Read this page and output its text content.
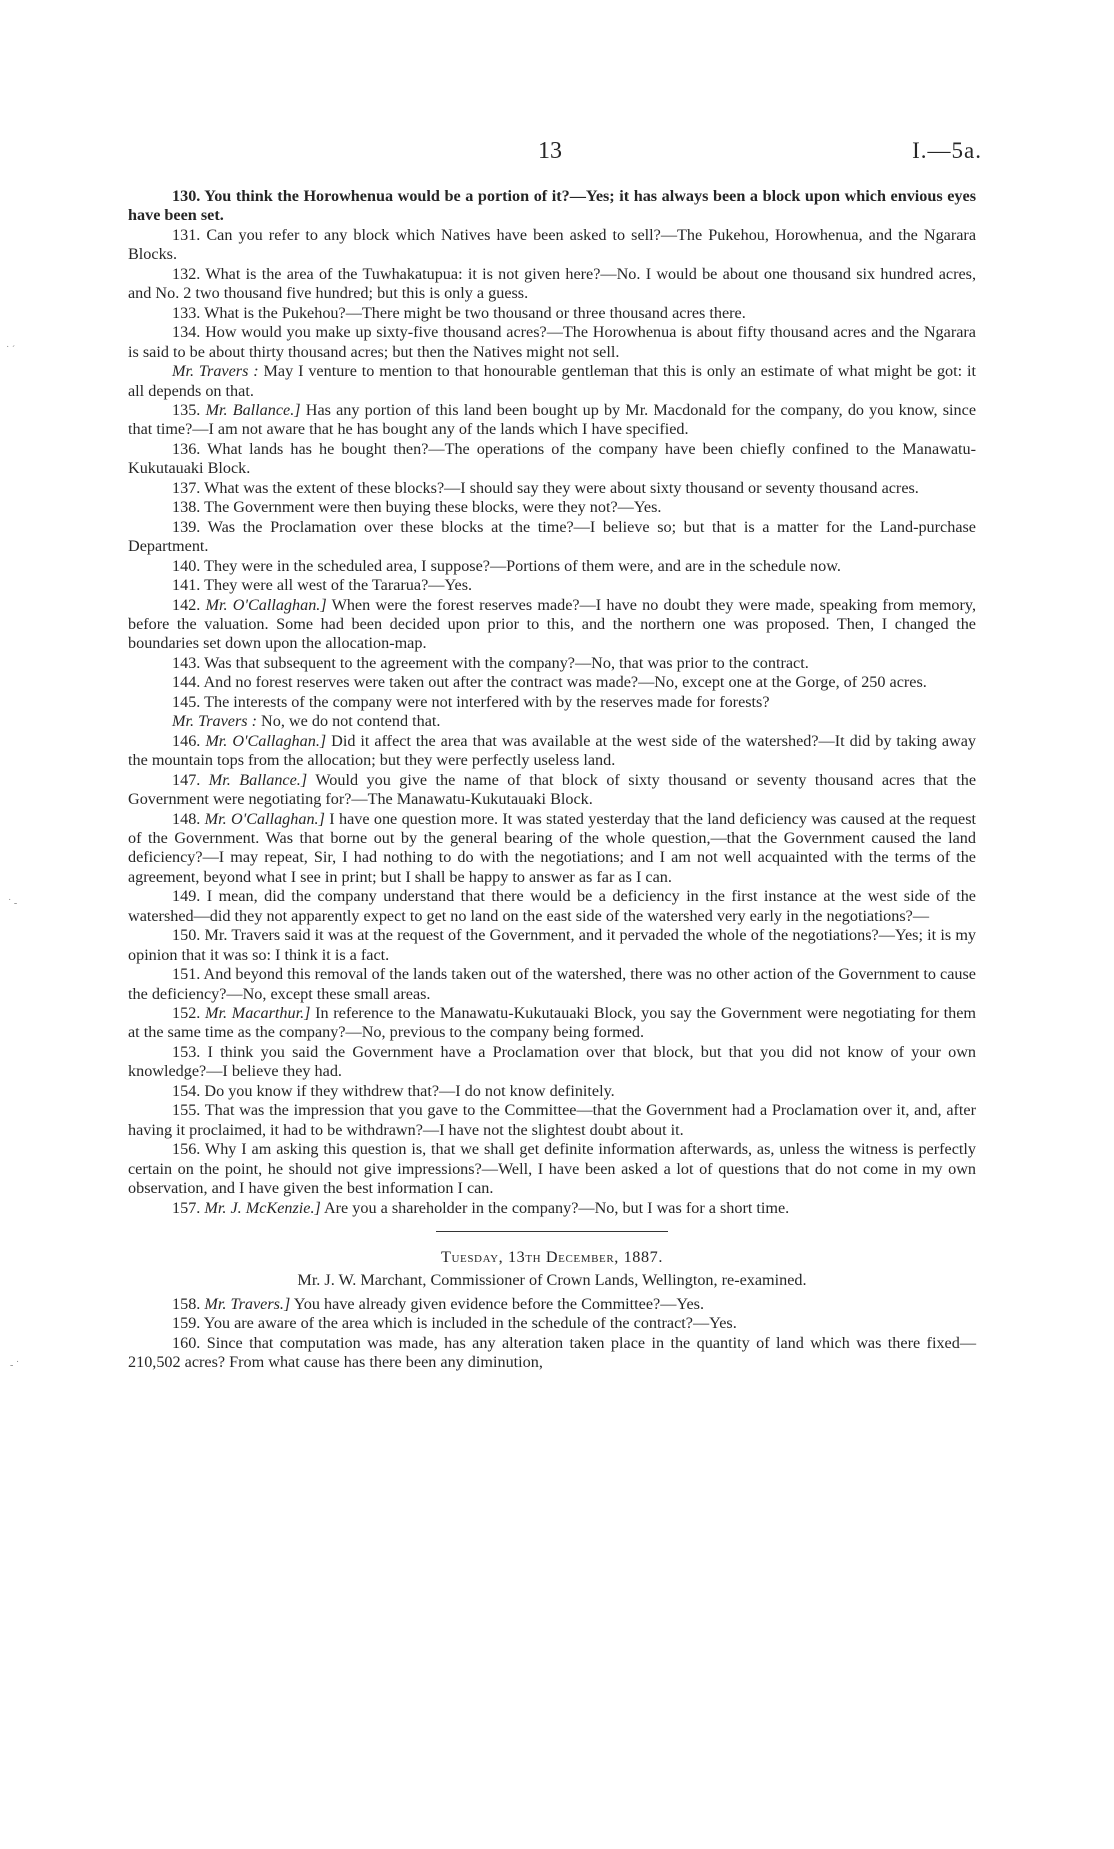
13	I.—5a.
˙ ˊ
˙ ‐
‐ ˙

130. You think the Horowhenua would be a portion of it?—Yes; it has always been a block upon which envious eyes have been set.

131. Can you refer to any block which Natives have been asked to sell?—The Pukehou, Horowhenua, and the Ngarara Blocks.

132. What is the area of the Tuwhakatupua: it is not given here?—No. I would be about one thousand six hundred acres, and No. 2 two thousand five hundred; but this is only a guess.

133. What is the Pukehou?—There might be two thousand or three thousand acres there.

134. How would you make up sixty-five thousand acres?—The Horowhenua is about fifty thousand acres and the Ngarara is said to be about thirty thousand acres; but then the Natives might not sell.

Mr. Travers : May I venture to mention to that honourable gentleman that this is only an estimate of what might be got: it all depends on that.

135. Mr. Ballance.] Has any portion of this land been bought up by Mr. Macdonald for the company, do you know, since that time?—I am not aware that he has bought any of the lands which I have specified.

136. What lands has he bought then?—The operations of the company have been chiefly confined to the Manawatu-Kukutauaki Block.

137. What was the extent of these blocks?—I should say they were about sixty thousand or seventy thousand acres.

138. The Government were then buying these blocks, were they not?—Yes.

139. Was the Proclamation over these blocks at the time?—I believe so; but that is a matter for the Land-purchase Department.

140. They were in the scheduled area, I suppose?—Portions of them were, and are in the schedule now.

141. They were all west of the Tararua?—Yes.

142. Mr. O'Callaghan.] When were the forest reserves made?—I have no doubt they were made, speaking from memory, before the valuation. Some had been decided upon prior to this, and the northern one was proposed. Then, I changed the boundaries set down upon the allocation-map.

143. Was that subsequent to the agreement with the company?—No, that was prior to the contract.

144. And no forest reserves were taken out after the contract was made?—No, except one at the Gorge, of 250 acres.

145. The interests of the company were not interfered with by the reserves made for forests?

Mr. Travers : No, we do not contend that.

146. Mr. O'Callaghan.] Did it affect the area that was available at the west side of the watershed?—It did by taking away the mountain tops from the allocation; but they were perfectly useless land.

147. Mr. Ballance.] Would you give the name of that block of sixty thousand or seventy thousand acres that the Government were negotiating for?—The Manawatu-Kukutauaki Block.

148. Mr. O'Callaghan.] I have one question more. It was stated yesterday that the land deficiency was caused at the request of the Government. Was that borne out by the general bearing of the whole question,—that the Government caused the land deficiency?—I may repeat, Sir, I had nothing to do with the negotiations; and I am not well acquainted with the terms of the agreement, beyond what I see in print; but I shall be happy to answer as far as I can.

149. I mean, did the company understand that there would be a deficiency in the first instance at the west side of the watershed—did they not apparently expect to get no land on the east side of the watershed very early in the negotiations?—

150. Mr. Travers said it was at the request of the Government, and it pervaded the whole of the negotiations?—Yes; it is my opinion that it was so: I think it is a fact.

151. And beyond this removal of the lands taken out of the watershed, there was no other action of the Government to cause the deficiency?—No, except these small areas.

152. Mr. Macarthur.] In reference to the Manawatu-Kukutauaki Block, you say the Government were negotiating for them at the same time as the company?—No, previous to the company being formed.

153. I think you said the Government have a Proclamation over that block, but that you did not know of your own knowledge?—I believe they had.

154. Do you know if they withdrew that?—I do not know definitely.

155. That was the impression that you gave to the Committee—that the Government had a Proclamation over it, and, after having it proclaimed, it had to be withdrawn?—I have not the slightest doubt about it.

156. Why I am asking this question is, that we shall get definite information afterwards, as, unless the witness is perfectly certain on the point, he should not give impressions?—Well, I have been asked a lot of questions that do not come in my own observation, and I have given the best information I can.

157. Mr. J. McKenzie.] Are you a shareholder in the company?—No, but I was for a short time.

Tuesday, 13th December, 1887.

Mr. J. W. Marchant, Commissioner of Crown Lands, Wellington, re-examined.

158. Mr. Travers.] You have already given evidence before the Committee?—Yes.

159. You are aware of the area which is included in the schedule of the contract?—Yes.

160. Since that computation was made, has any alteration taken place in the quantity of land which was there fixed—210,502 acres? From what cause has there been any diminution,
